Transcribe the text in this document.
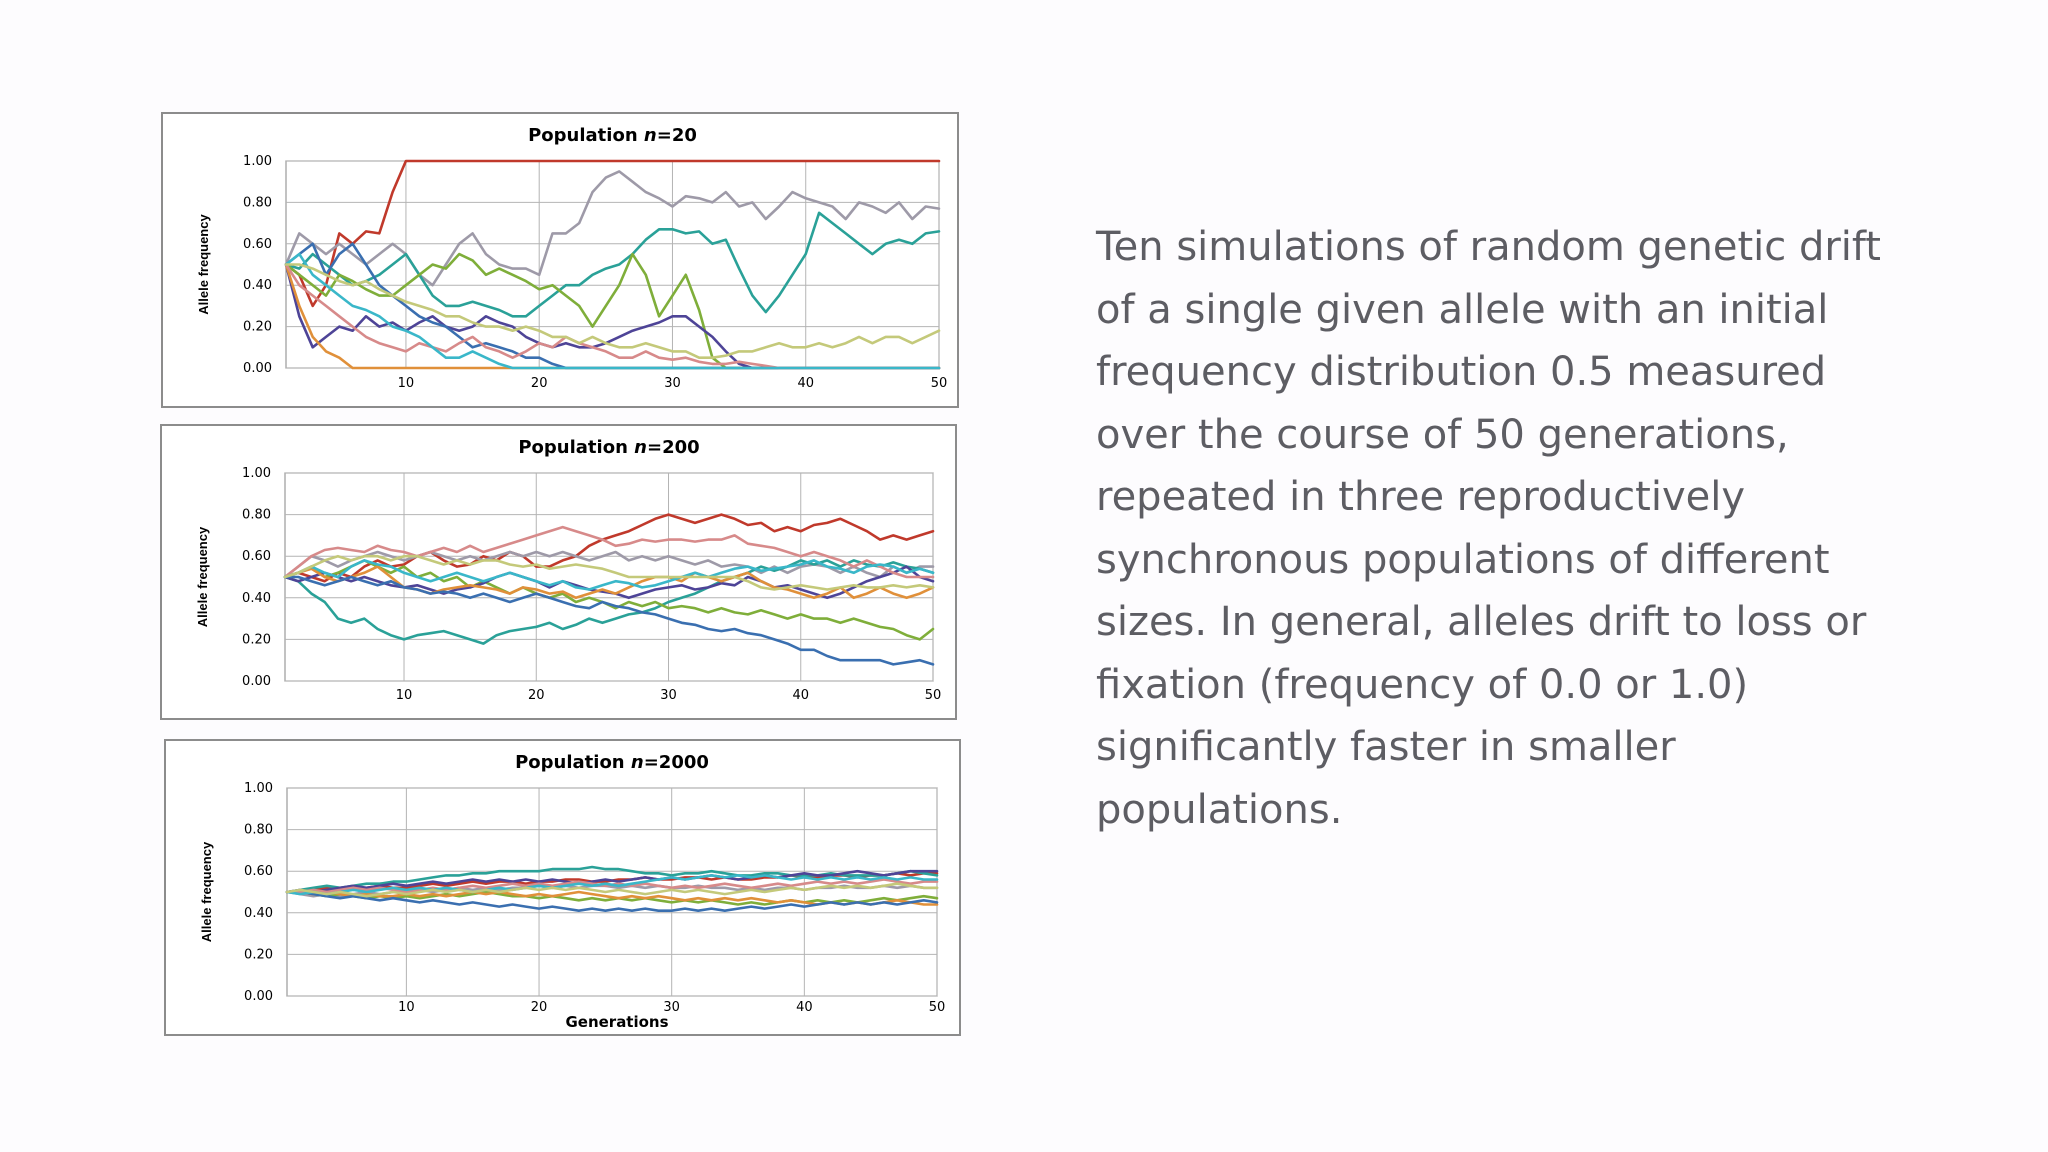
0.00
0.20
0.40
0.60
0.80
1.00
10	20	30	40	50
Population n=20
Allele frequency
0.00
0.20
0.40
0.60
0.80
1.00
10	20	30	40	50
Population n=200
Allele frequency
0.00
0.20
0.40
0.60
0.80
1.00
10	20	30	40	50
Population n=2000
Allele frequency
Generations

Ten simulations of random genetic drift of a single given allele with an initial frequency distribution 0.5 measured over the course of 50 generations, repeated in three reproductively synchronous populations of different sizes. In general, alleles drift to loss or fixation (frequency of 0.0 or 1.0) significantly faster in smaller populations.
